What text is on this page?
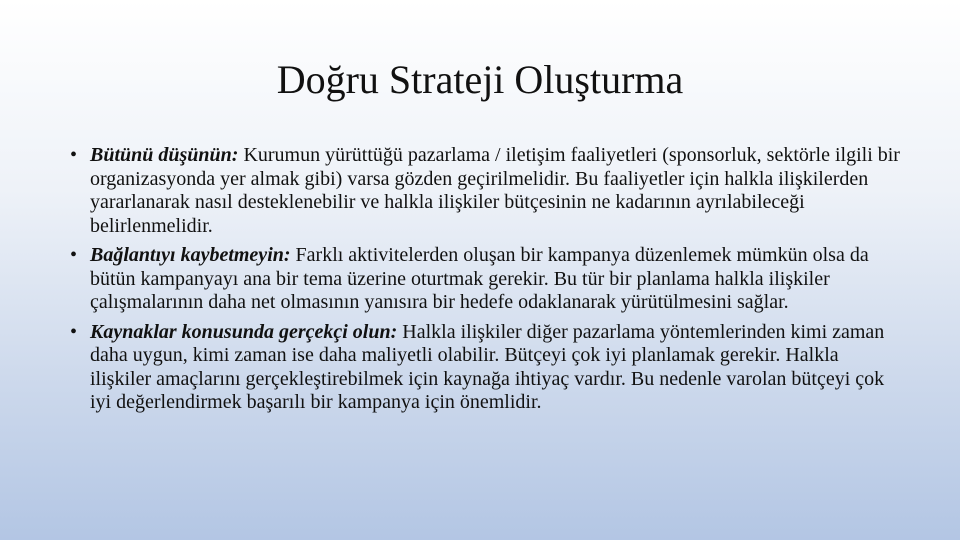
Doğru Strateji Oluşturma
• Bütünü düşünün: Kurumun yürüttüğü pazarlama / iletişim faaliyetleri (sponsorluk, sektörle ilgili bir organizasyonda yer almak gibi) varsa gözden geçirilmelidir. Bu faaliyetler için halkla ilişkilerden yararlanarak nasıl desteklenebilir ve halkla ilişkiler bütçesinin ne kadarının ayrılabileceği belirlenmelidir.
• Bağlantıyı kaybetmeyin: Farklı aktivitelerden oluşan bir kampanya düzenlemek mümkün olsa da bütün kampanyayı ana bir tema üzerine oturtmak gerekir. Bu tür bir planlama halkla ilişkiler çalışmalarının daha net olmasının yanısıra bir hedefe odaklanarak yürütülmesini sağlar.
• Kaynaklar konusunda gerçekçi olun: Halkla ilişkiler diğer pazarlama yöntemlerinden kimi zaman daha uygun, kimi zaman ise daha maliyetli olabilir. Bütçeyi çok iyi planlamak gerekir. Halkla ilişkiler amaçlarını gerçekleştirebilmek için kaynağa ihtiyaç vardır. Bu nedenle varolan bütçeyi çok iyi değerlendirmek başarılı bir kampanya için önemlidir.
